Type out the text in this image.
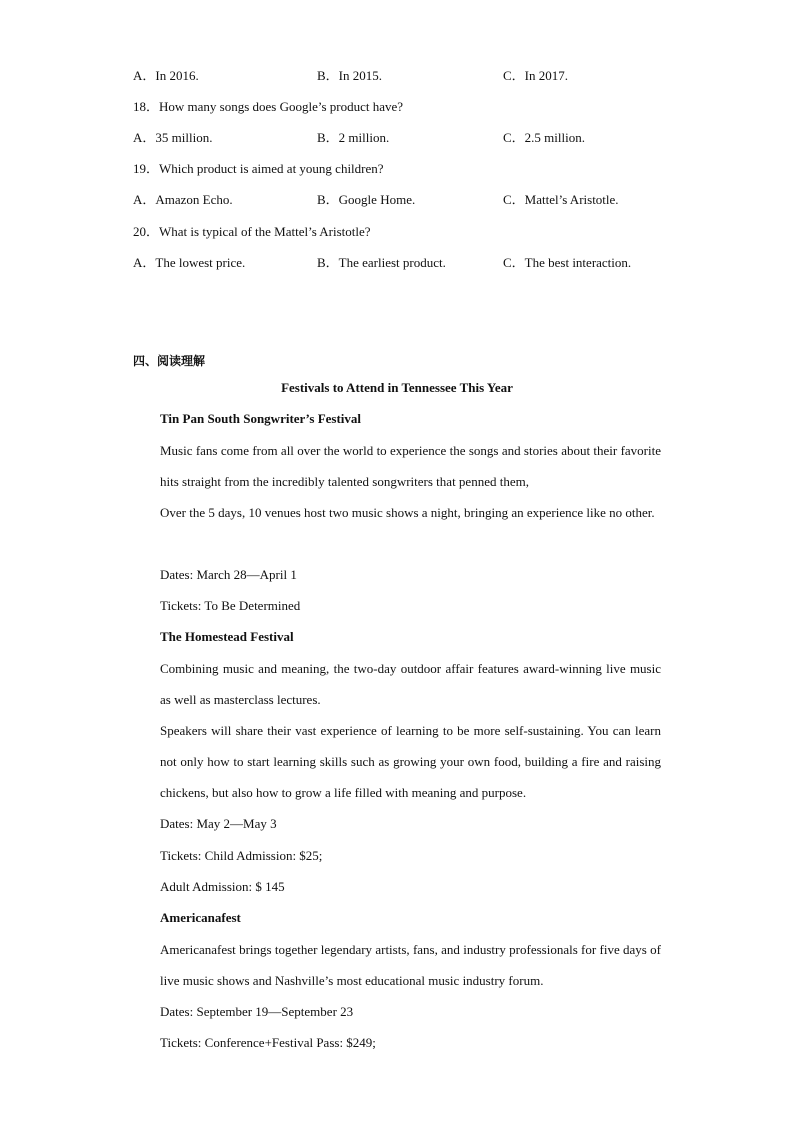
A．In 2016.	B．In 2015.	C．In 2017.
18．How many songs does Google’s product have?
A．35 million.	B．2 million.	C．2.5 million.
19．Which product is aimed at young children?
A．Amazon Echo.	B．Google Home.	C．Mattel’s Aristotle.
20．What is typical of the Mattel’s Aristotle?
A．The lowest price.	B．The earliest product.	C．The best interaction.
四、阅读理解
Festivals to Attend in Tennessee This Year
Tin Pan South Songwriter’s Festival
Music fans come from all over the world to experience the songs and stories about their favorite hits straight from the incredibly talented songwriters that penned them,
Over the 5 days, 10 venues host two music shows a night, bringing an experience like no other.
Dates: March 28—April 1
Tickets: To Be Determined
The Homestead Festival
Combining music and meaning, the two-day outdoor affair features award-winning live music as well as masterclass lectures.
Speakers will share their vast experience of learning to be more self-sustaining. You can learn not only how to start learning skills such as growing your own food, building a fire and raising chickens, but also how to grow a life filled with meaning and purpose.
Dates: May 2—May 3
Tickets: Child Admission: $25;
Adult Admission: $ 145
Americanafest
Americanafest brings together legendary artists, fans, and industry professionals for five days of live music shows and Nashville’s most educational music industry forum.
Dates: September 19—September 23
Tickets: Conference+Festival Pass: $249;
